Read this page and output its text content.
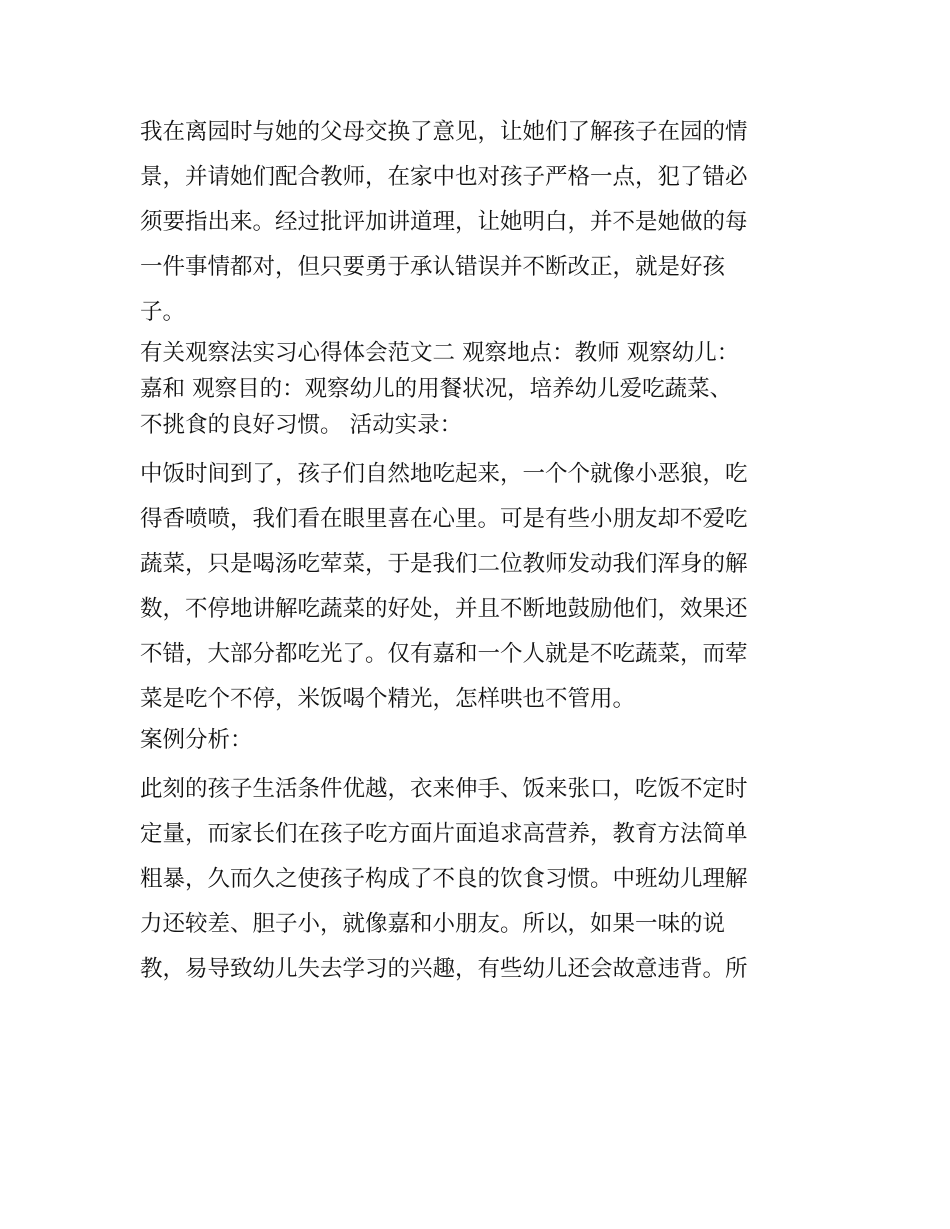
我在离园时与她的父母交换了意见，让她们了解孩子在园的情
景，并请她们配合教师，在家中也对孩子严格一点，犯了错必
须要指出来。经过批评加讲道理，让她明白，并不是她做的每
一件事情都对，但只要勇于承认错误并不断改正，就是好孩
子。

有关观察法实习心得体会范文二 观察地点：教师 观察幼儿：
嘉和 观察目的：观察幼儿的用餐状况，培养幼儿爱吃蔬菜、
不挑食的良好习惯。 活动实录：

中饭时间到了，孩子们自然地吃起来，一个个就像小恶狼，吃
得香喷喷，我们看在眼里喜在心里。可是有些小朋友却不爱吃
蔬菜，只是喝汤吃荤菜，于是我们二位教师发动我们浑身的解
数，不停地讲解吃蔬菜的好处，并且不断地鼓励他们，效果还
不错，大部分都吃光了。仅有嘉和一个人就是不吃蔬菜，而荤
菜是吃个不停，米饭喝个精光，怎样哄也不管用。

案例分析：

此刻的孩子生活条件优越，衣来伸手、饭来张口，吃饭不定时
定量，而家长们在孩子吃方面片面追求高营养，教育方法简单
粗暴，久而久之使孩子构成了不良的饮食习惯。中班幼儿理解
力还较差、胆子小，就像嘉和小朋友。所以，如果一味的说
教，易导致幼儿失去学习的兴趣，有些幼儿还会故意违背。所
